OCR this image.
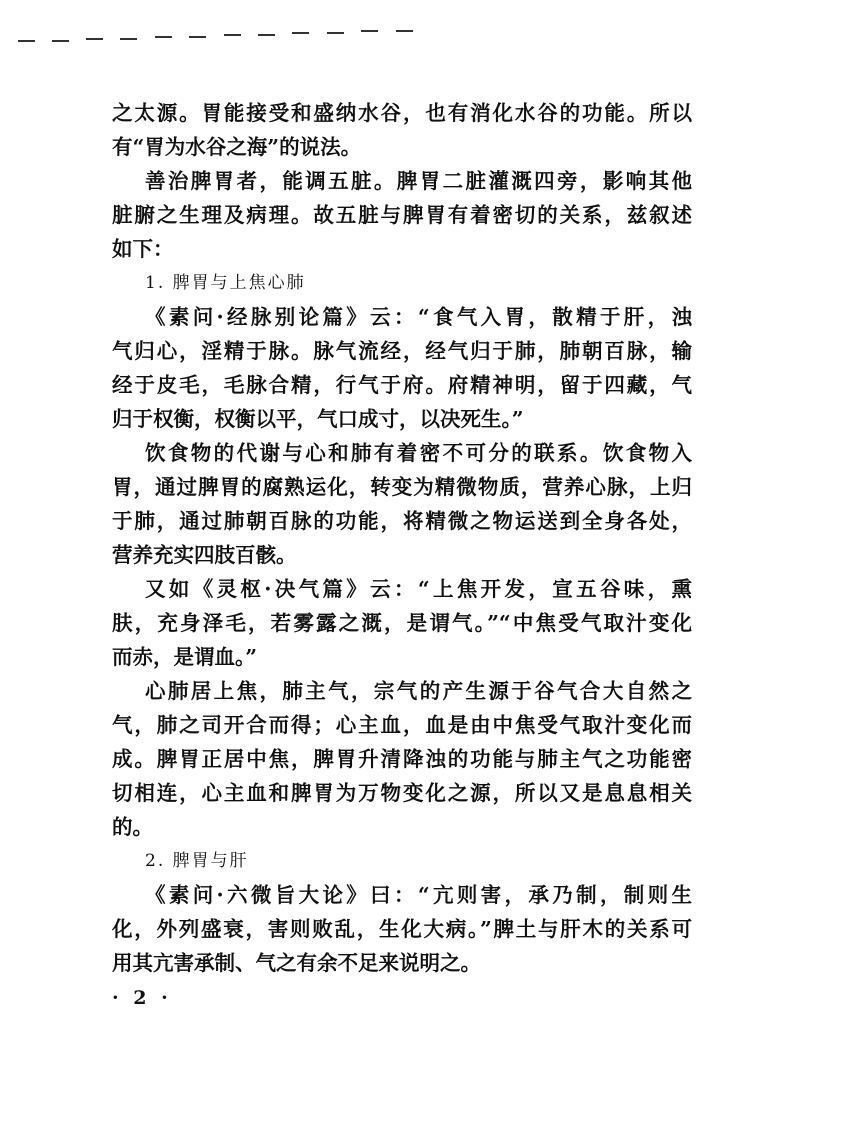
之太源。胃能接受和盛纳水谷，也有消化水谷的功能。所以
有“胃为水谷之海”的说法。
善治脾胃者，能调五脏。脾胃二脏灌溉四旁，影响其他
脏腑之生理及病理。故五脏与脾胃有着密切的关系，兹叙述
如下：
1. 脾胃与上焦心肺
《素问·经脉别论篇》云：“食气入胃，散精于肝，浊
气归心，淫精于脉。脉气流经，经气归于肺，肺朝百脉，输
经于皮毛，毛脉合精，行气于府。府精神明，留于四藏，气
归于权衡，权衡以平，气口成寸，以决死生。”
饮食物的代谢与心和肺有着密不可分的联系。饮食物入
胃，通过脾胃的腐熟运化，转变为精微物质，营养心脉，上归
于肺，通过肺朝百脉的功能，将精微之物运送到全身各处，
营养充实四肢百骸。
又如《灵枢·决气篇》云：“上焦开发，宣五谷味，熏
肤，充身泽毛，若雾露之溉，是谓气。”“中焦受气取汁变化
而赤，是谓血。”
心肺居上焦，肺主气，宗气的产生源于谷气合大自然之
气，肺之司开合而得；心主血，血是由中焦受气取汁变化而
成。脾胃正居中焦，脾胃升清降浊的功能与肺主气之功能密
切相连，心主血和脾胃为万物变化之源，所以又是息息相关
的。
2. 脾胃与肝
《素问·六微旨大论》曰：“亢则害，承乃制，制则生
化，外列盛衰，害则败乱，生化大病。”脾土与肝木的关系可
用其亢害承制、气之有余不足来说明之。
· 2 ·
